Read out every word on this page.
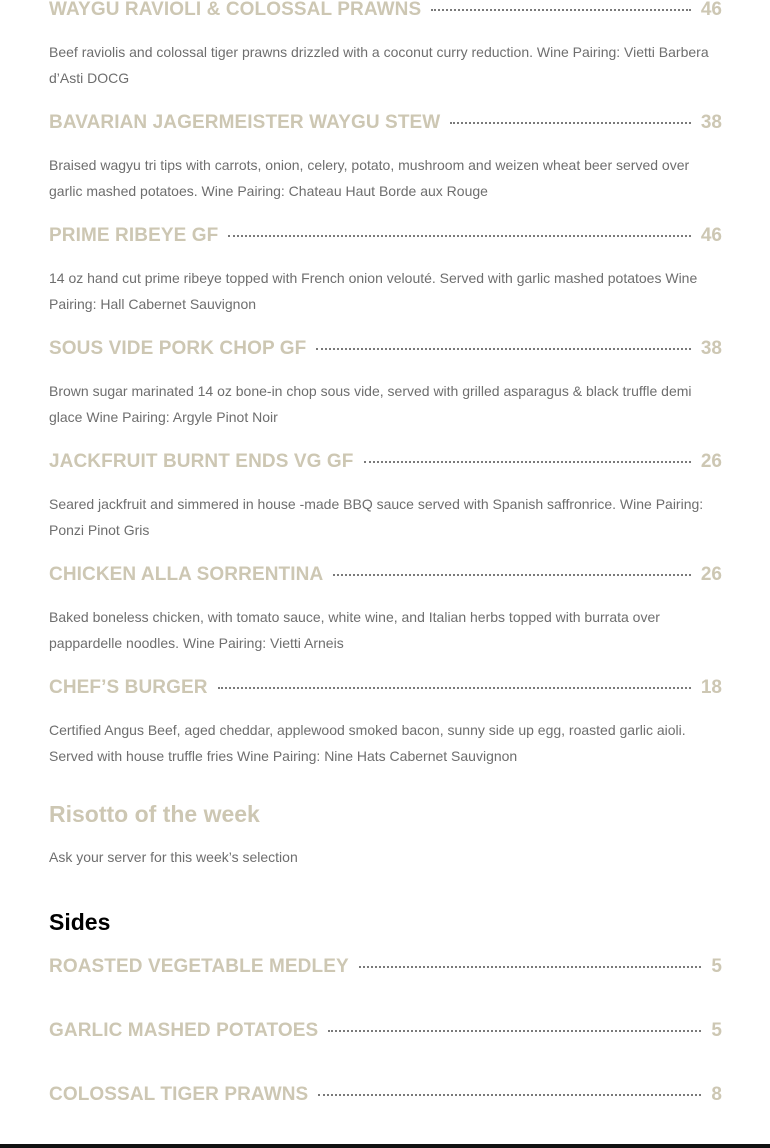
WAYGU RAVIOLI & COLOSSAL PRAWNS	46
Beef raviolis and colossal tiger prawns drizzled with a coconut curry reduction. Wine Pairing: Vietti Barbera d’Asti DOCG
BAVARIAN JAGERMEISTER WAYGU STEW	38
Braised wagyu tri tips with carrots, onion, celery, potato, mushroom and weizen wheat beer served over garlic mashed potatoes. Wine Pairing: Chateau Haut Borde aux Rouge
PRIME RIBEYE GF	46
14 oz hand cut prime ribeye topped with French onion velouté. Served with garlic mashed potatoes Wine Pairing: Hall Cabernet Sauvignon
SOUS VIDE PORK CHOP GF	38
Brown sugar marinated 14 oz bone-in chop sous vide, served with grilled asparagus & black truffle demi glace Wine Pairing: Argyle Pinot Noir
JACKFRUIT BURNT ENDS VG GF	26
Seared jackfruit and simmered in house -made BBQ sauce served with Spanish saffronrice. Wine Pairing: Ponzi Pinot Gris
CHICKEN ALLA SORRENTINA	26
Baked boneless chicken, with tomato sauce, white wine, and Italian herbs topped with burrata over pappardelle noodles. Wine Pairing: Vietti Arneis
CHEF’S BURGER	18
Certified Angus Beef, aged cheddar, applewood smoked bacon, sunny side up egg, roasted garlic aioli. Served with house truffle fries Wine Pairing: Nine Hats Cabernet Sauvignon
Risotto of the week
Ask your server for this week’s selection
Sides
ROASTED VEGETABLE MEDLEY	5
GARLIC MASHED POTATOES	5
COLOSSAL TIGER PRAWNS	8
